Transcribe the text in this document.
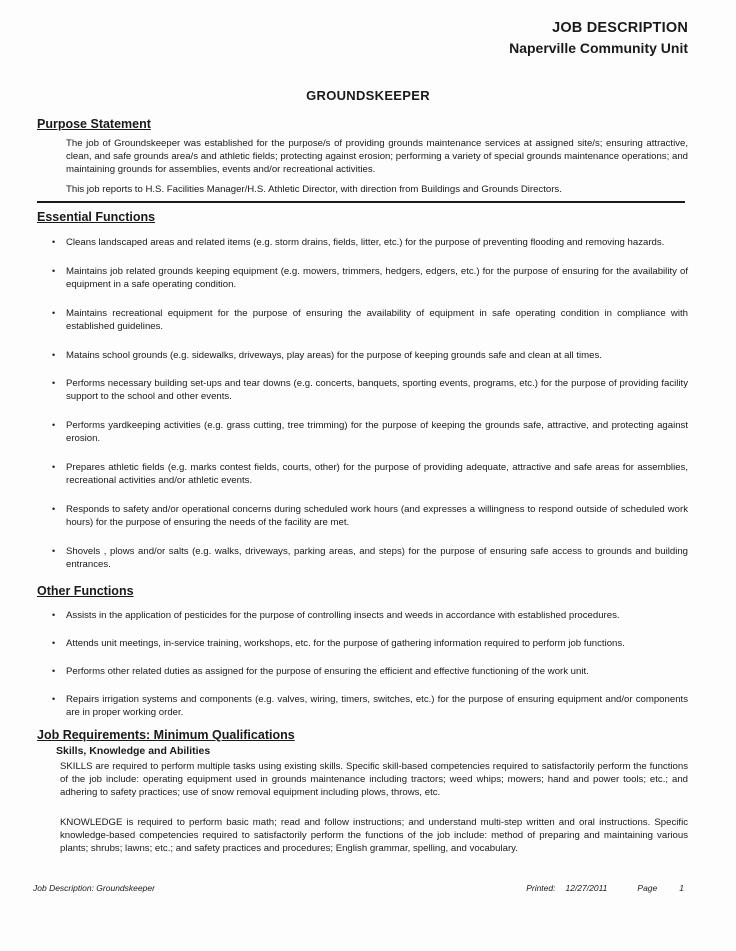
JOB DESCRIPTION
Naperville Community Unit
GROUNDSKEEPER
Purpose Statement
The job of Groundskeeper was established for the purpose/s of providing grounds maintenance services at assigned site/s; ensuring attractive, clean, and safe grounds area/s and athletic fields; protecting against erosion; performing a variety of special grounds maintenance operations; and maintaining grounds for assemblies, events and/or recreational activities.
This job reports to H.S. Facilities Manager/H.S. Athletic Director, with direction from Buildings and Grounds Directors.
Essential Functions
• Cleans landscaped areas and related items (e.g. storm drains, fields, litter, etc.) for the purpose of preventing flooding and removing hazards.
• Maintains job related grounds keeping equipment (e.g. mowers, trimmers, hedgers, edgers, etc.) for the purpose of ensuring for the availability of equipment in a safe operating condition.
• Maintains recreational equipment for the purpose of ensuring the availability of equipment in safe operating condition in compliance with established guidelines.
• Matains school grounds (e.g. sidewalks, driveways, play areas) for the purpose of keeping grounds safe and clean at all times.
• Performs necessary building set-ups and tear downs (e.g. concerts, banquets, sporting events, programs, etc.) for the purpose of providing facility support to the school and other events.
• Performs yardkeeping activities (e.g. grass cutting, tree trimming) for the purpose of keeping the grounds safe, attractive, and protecting against erosion.
• Prepares athletic fields (e.g. marks contest fields, courts, other) for the purpose of providing adequate, attractive and safe areas for assemblies, recreational activities and/or athletic events.
• Responds to safety and/or operational concerns during scheduled work hours (and expresses a willingness to respond outside of scheduled work hours) for the purpose of ensuring the needs of the facility are met.
• Shovels , plows and/or salts (e.g. walks, driveways, parking areas, and steps) for the purpose of ensuring safe access to grounds and building entrances.
Other Functions
• Assists in the application of pesticides for the purpose of controlling insects and weeds in accordance with established procedures.
• Attends unit meetings, in-service training, workshops, etc. for the purpose of gathering information required to perform job functions.
• Performs other related duties as assigned for the purpose of ensuring the efficient and effective functioning of the work unit.
• Repairs irrigation systems and components (e.g. valves, wiring, timers, switches, etc.) for the purpose of ensuring equipment and/or components are in proper working order.
Job Requirements: Minimum Qualifications
Skills, Knowledge and Abilities
SKILLS are required to perform multiple tasks using existing skills. Specific skill-based competencies required to satisfactorily perform the functions of the job include: operating equipment used in grounds maintenance including tractors; weed whips; mowers; hand and power tools; etc.; and adhering to safety practices; use of snow removal equipment including plows, throws, etc.
KNOWLEDGE is required to perform basic math; read and follow instructions; and understand multi-step written and oral instructions. Specific knowledge-based competencies required to satisfactorily perform the functions of the job include: method of preparing and maintaining various plants; shrubs; lawns; etc.; and safety practices and procedures; English grammar, spelling, and vocabulary.
Job Description: Groundskeeper	Printed: 12/27/2011	Page	1
